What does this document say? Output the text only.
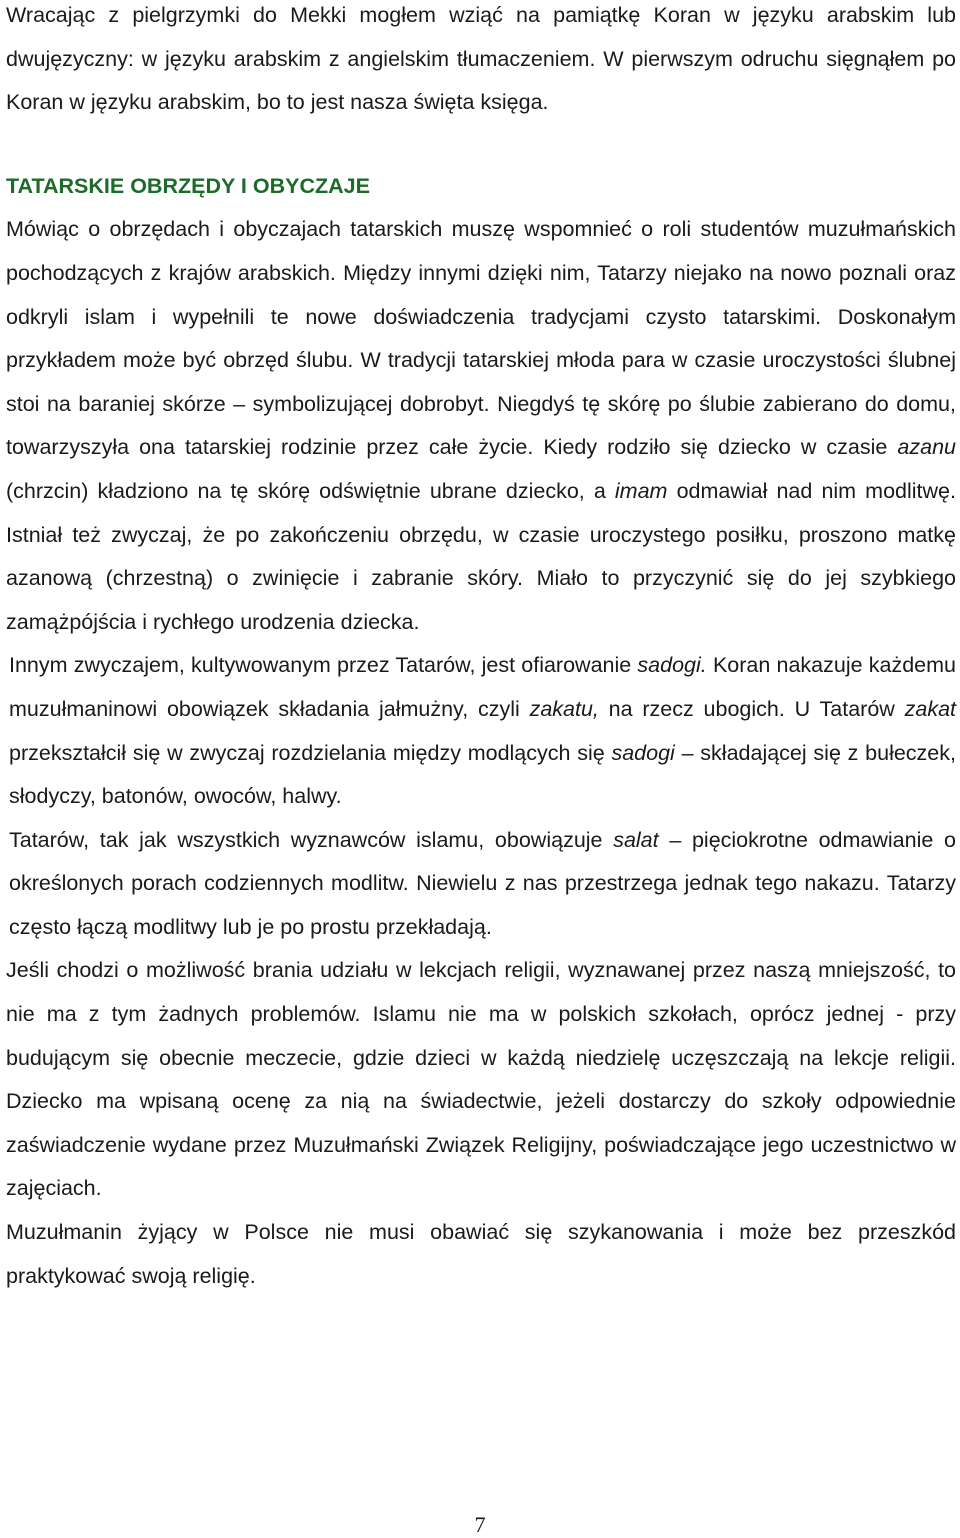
Wracając z pielgrzymki do Mekki mogłem wziąć na pamiątkę Koran w języku arabskim lub dwujęzyczny: w języku arabskim z angielskim tłumaczeniem. W pierwszym odruchu sięgnąłem po Koran w języku arabskim, bo to jest nasza święta księga.

TATARSKIE OBRZĘDY I OBYCZAJE

Mówiąc o obrzędach i obyczajach tatarskich muszę wspomnieć o roli studentów muzułmańskich pochodzących z krajów arabskich. Między innymi dzięki nim, Tatarzy niejako na nowo poznali oraz odkryli islam i wypełnili te nowe doświadczenia tradycjami czysto tatarskimi. Doskonałym przykładem może być obrzęd ślubu. W tradycji tatarskiej młoda para w czasie uroczystości ślubnej stoi na baraniej skórze – symbolizującej dobrobyt. Niegdyś tę skórę po ślubie zabierano do domu, towarzyszyła ona tatarskiej rodzinie przez całe życie. Kiedy rodziło się dziecko w czasie azanu (chrzcin) kładziono na tę skórę odświętnie ubrane dziecko, a imam odmawiał nad nim modlitwę. Istniał też zwyczaj, że po zakończeniu obrzędu, w czasie uroczystego posiłku, proszono matkę azanową (chrzestną) o zwinięcie i zabranie skóry. Miało to przyczynić się do jej szybkiego zamążpójścia i rychłego urodzenia dziecka.

Innym zwyczajem, kultywowanym przez Tatarów, jest ofiarowanie sadogi. Koran nakazuje każdemu muzułmaninowi obowiązek składania jałmużny, czyli zakatu, na rzecz ubogich. U Tatarów zakat przekształcił się w zwyczaj rozdzielania między modlących się sadogi – składającej się z bułeczek, słodyczy, batonów, owoców, halwy.

Tatarów, tak jak wszystkich wyznawców islamu, obowiązuje salat – pięciokrotne odmawianie o określonych porach codziennych modlitw. Niewielu z nas przestrzega jednak tego nakazu. Tatarzy często łączą modlitwy lub je po prostu przekładają.

Jeśli chodzi o możliwość brania udziału w lekcjach religii, wyznawanej przez naszą mniejszość, to nie ma z tym żadnych problemów. Islamu nie ma w polskich szkołach, oprócz jednej - przy budującym się obecnie meczecie, gdzie dzieci w każdą niedzielę uczęszczają na lekcje religii. Dziecko ma wpisaną ocenę za nią na świadectwie, jeżeli dostarczy do szkoły odpowiednie zaświadczenie wydane przez Muzułmański Związek Religijny, poświadczające jego uczestnictwo w zajęciach.

Muzułmanin żyjący w Polsce nie musi obawiać się szykanowania i może bez przeszkód praktykować swoją religię.

7
